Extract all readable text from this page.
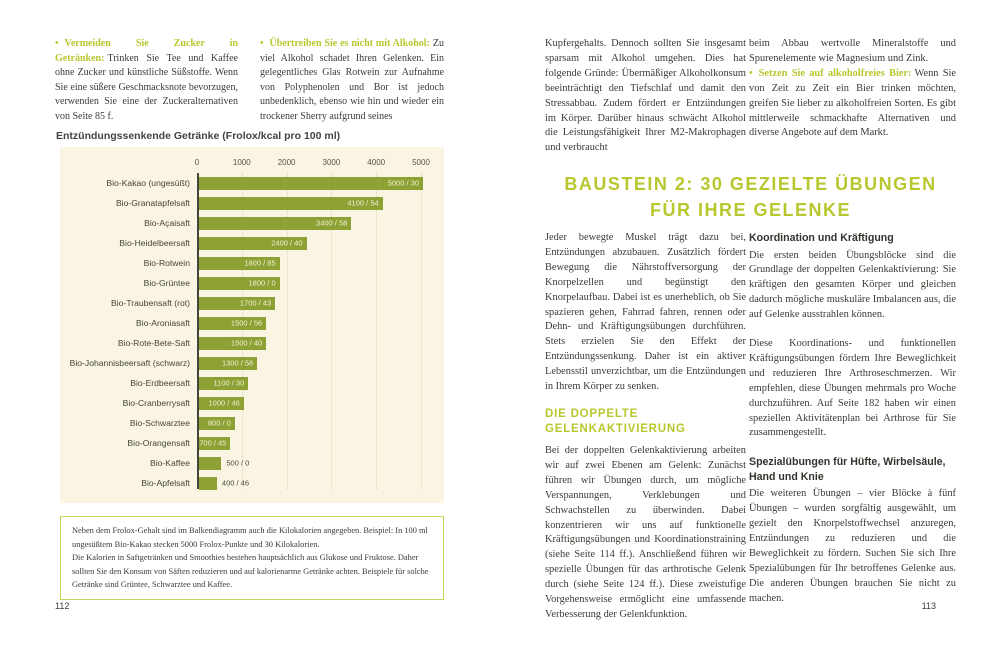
• Vermeiden Sie Zucker in Getränken: Trinken Sie Tee und Kaffee ohne Zucker und künstliche Süßstoffe. Wenn Sie eine süßere Geschmacksnote bevorzugen, verwenden Sie eine der Zuckeralternativen von Seite 85 f.

• Übertreiben Sie es nicht mit Alkohol: Zu viel Alkohol schadet Ihren Gelenken. Ein gelegentliches Glas Rotwein zur Aufnahme von Polyphenolen und Bor ist jedoch unbedenklich, ebenso wie hin und wieder ein trockener Sherry aufgrund seines

Entzündungssenkende Getränke (Frolox/kcal pro 100 ml)
0	1000	2000	3000	4000	5000
Bio-Kakao (ungesüßt)	5000 / 30
Bio-Granatapfelsaft	4100 / 54
Bio-Açaisaft	3400 / 58
Bio-Heidelbeersaft	2400 / 40
Bio-Rotwein	1800 / 85
Bio-Grüntee	1800 / 0
Bio-Traubensaft (rot)	1700 / 43
Bio-Aroniasaft	1500 / 56
Bio-Rote-Bete-Saft	1500 / 40
Bio-Johannisbeersaft (schwarz)	1300 / 58
Bio-Erdbeersaft	1100 / 30
Bio-Cranberrysaft	1000 / 46
Bio-Schwarztee	800 / 0
Bio-Orangensaft	700 / 45
Bio-Kaffee	500 / 0
Bio-Apfelsaft	400 / 46

Neben dem Frolox-Gehalt sind im Balkendiagramm auch die Kilokalorien angegeben. Beispiel: In 100 ml ungesüßtem Bio-Kakao stecken 5000 Frolox-Punkte und 30 Kilokalorien.

Die Kalorien in Saftgetränken und Smoothies bestehen hauptsächlich aus Glukose und Fruktose. Daher sollten Sie den Konsum von Säften reduzieren und auf kalorienarme Getränke achten. Beispiele für solche Getränke sind Grüntee, Schwarztee und Kaffee.

112

Kupfergehalts. Dennoch sollten Sie insgesamt sparsam mit Alkohol umgehen. Dies hat folgende Gründe: Übermäßiger Alkoholkonsum beeinträchtigt den Tiefschlaf und damit den Stressabbau. Zudem fördert er Entzündungen im Körper. Darüber hinaus schwächt Alkohol die Leistungsfähigkeit Ihrer M2-Makrophagen und verbraucht

beim Abbau wertvolle Mineralstoffe und Spurenelemente wie Magnesium und Zink.

• Setzen Sie auf alkoholfreies Bier: Wenn Sie von Zeit zu Zeit ein Bier trinken möchten, greifen Sie lieber zu alkoholfreien Sorten. Es gibt mittlerweile schmackhafte Alternativen und diverse Angebote auf dem Markt.

BAUSTEIN 2: 30 GEZIELTE ÜBUNGEN
FÜR IHRE GELENKE

Jeder bewegte Muskel trägt dazu bei, Entzündungen abzubauen. Zusätzlich fördert Bewegung die Nährstoffversorgung der Knorpelzellen und begünstigt den Knorpelaufbau. Dabei ist es unerheblich, ob Sie spazieren gehen, Fahrrad fahren, rennen oder Dehn- und Kräftigungsübungen durchführen. Stets erzielen Sie den Effekt der Entzündungssenkung. Daher ist ein aktiver Lebensstil unverzichtbar, um die Entzündungen in Ihrem Körper zu senken.

DIE DOPPELTE GELENKAKTIVIERUNG

Bei der doppelten Gelenkaktivierung arbeiten wir auf zwei Ebenen am Gelenk: Zunächst führen wir Übungen durch, um mögliche Verspannungen, Verklebungen und Schwachstellen zu überwinden. Dabei konzentrieren wir uns auf funktionelle Kräftigungsübungen und Koordinationstraining (siehe Seite 114 ff.). Anschließend führen wir spezielle Übungen für das arthrotische Gelenk durch (siehe Seite 124 ff.). Diese zweistufige Vorgehensweise ermöglicht eine umfassende Verbesserung der Gelenkfunktion.

Koordination und Kräftigung

Die ersten beiden Übungsblöcke sind die Grundlage der doppelten Gelenkaktivierung: Sie kräftigen den gesamten Körper und gleichen dadurch mögliche muskuläre Imbalancen aus, die auf Gelenke ausstrahlen können.

Diese Koordinations- und funktionellen Kräftigungsübungen fördern Ihre Beweglichkeit und reduzieren Ihre Arthroseschmerzen. Wir empfehlen, diese Übungen mehrmals pro Woche durchzuführen. Auf Seite 182 haben wir einen speziellen Aktivitätenplan bei Arthrose für Sie zusammengestellt.

Spezialübungen für Hüfte, Wirbelsäule, Hand und Knie

Die weiteren Übungen – vier Blöcke à fünf Übungen – wurden sorgfältig ausgewählt, um gezielt den Knorpelstoffwechsel anzuregen, Entzündungen zu reduzieren und die Beweglichkeit zu fördern. Suchen Sie sich Ihre Spezialübungen für Ihr betroffenes Gelenke aus. Die anderen Übungen brauchen Sie nicht zu machen.

113
